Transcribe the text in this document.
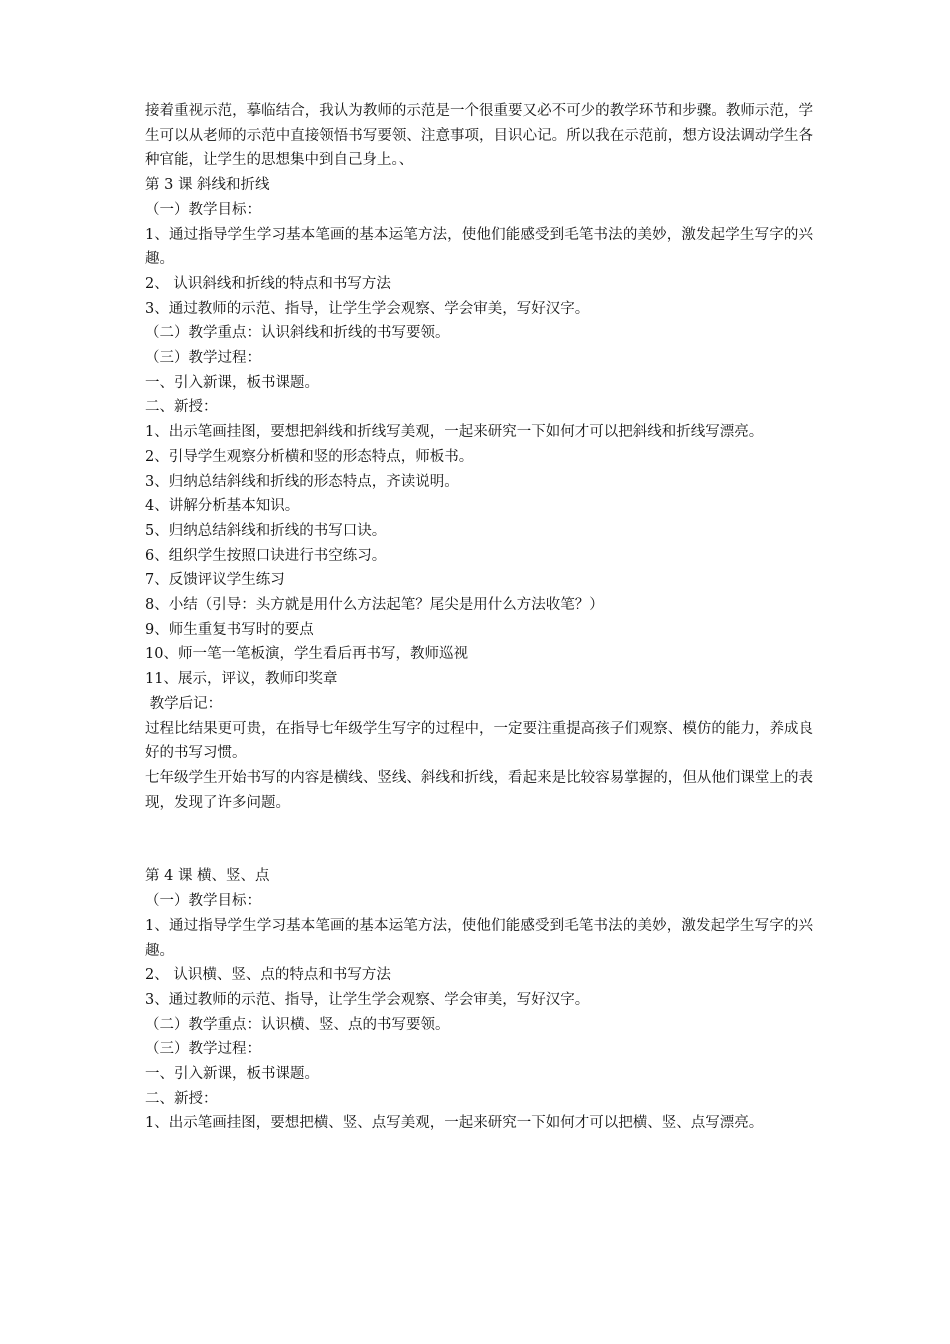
接着重视示范，摹临结合，我认为教师的示范是一个很重要又必不可少的教学环节和步骤。教师示范，学生可以从老师的示范中直接领悟书写要领、注意事项，目识心记。所以我在示范前，想方设法调动学生各种官能，让学生的思想集中到自己身上。、

第 3 课 斜线和折线

（一）教学目标：

1、通过指导学生学习基本笔画的基本运笔方法，使他们能感受到毛笔书法的美妙，激发起学生写字的兴趣。

2、 认识斜线和折线的特点和书写方法

3、通过教师的示范、指导，让学生学会观察、学会审美，写好汉字。

（二）教学重点：认识斜线和折线的书写要领。

（三）教学过程：

一、引入新课，板书课题。

二、新授：

1、出示笔画挂图，要想把斜线和折线写美观，一起来研究一下如何才可以把斜线和折线写漂亮。

2、引导学生观察分析横和竖的形态特点，师板书。

3、归纳总结斜线和折线的形态特点，齐读说明。

4、讲解分析基本知识。

5、归纳总结斜线和折线的书写口诀。

6、组织学生按照口诀进行书空练习。

7、反馈评议学生练习

8、小结（引导：头方就是用什么方法起笔？尾尖是用什么方法收笔？）

9、师生重复书写时的要点

10、师一笔一笔板演，学生看后再书写，教师巡视

11、展示，评议，教师印奖章

教学后记：

过程比结果更可贵，在指导七年级学生写字的过程中，一定要注重提高孩子们观察、模仿的能力，养成良好的书写习惯。

七年级学生开始书写的内容是横线、竖线、斜线和折线，看起来是比较容易掌握的，但从他们课堂上的表现，发现了许多问题。

第 4 课 横、竖、点

（一）教学目标：

1、通过指导学生学习基本笔画的基本运笔方法，使他们能感受到毛笔书法的美妙，激发起学生写字的兴趣。

2、 认识横、竖、点的特点和书写方法

3、通过教师的示范、指导，让学生学会观察、学会审美，写好汉字。

（二）教学重点：认识横、竖、点的书写要领。

（三）教学过程：

一、引入新课，板书课题。

二、新授：

1、出示笔画挂图，要想把横、竖、点写美观，一起来研究一下如何才可以把横、竖、点写漂亮。
